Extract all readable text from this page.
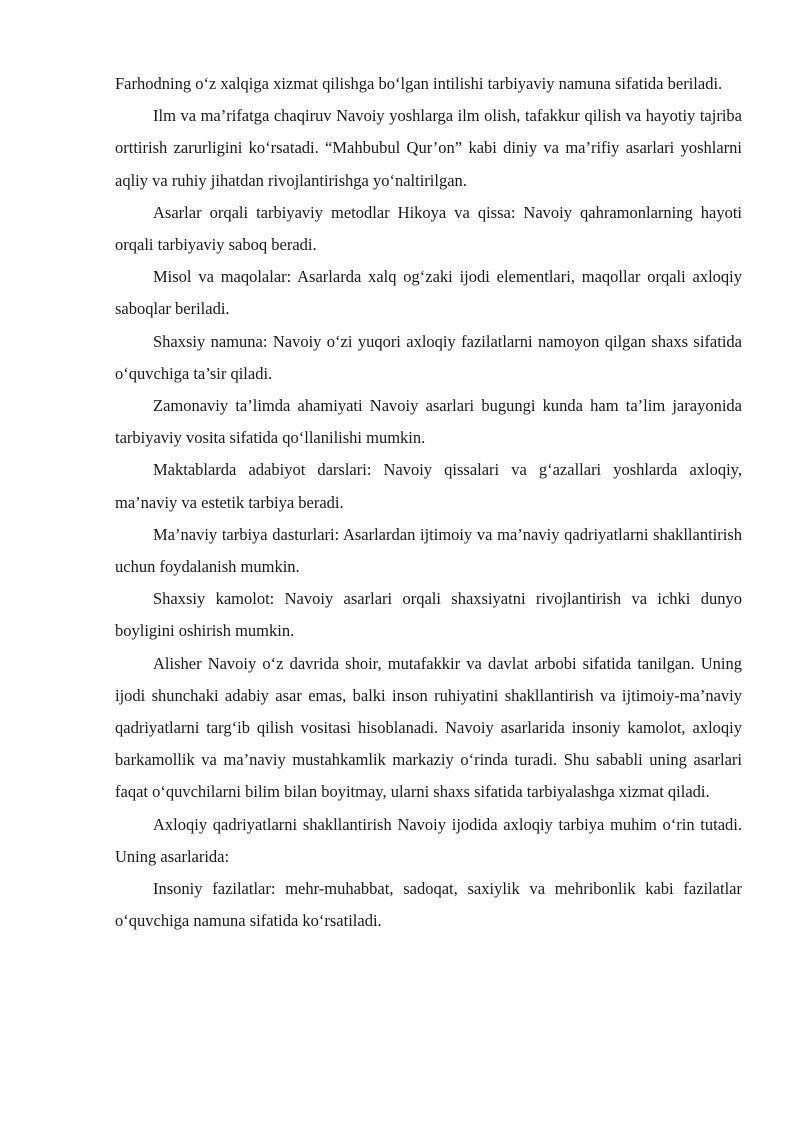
Farhodning o‘z xalqiga xizmat qilishga bo‘lgan intilishi tarbiyaviy namuna sifatida beriladi.

Ilm va ma’rifatga chaqiruv Navoiy yoshlarga ilm olish, tafakkur qilish va hayotiy tajriba orttirish zarurligini ko‘rsatadi. “Mahbubul Qur’on” kabi diniy va ma’rifiy asarlari yoshlarni aqliy va ruhiy jihatdan rivojlantirishga yo‘naltirilgan.

Asarlar orqali tarbiyaviy metodlar Hikoya va qissa: Navoiy qahramonlarning hayoti orqali tarbiyaviy saboq beradi.

Misol va maqolalar: Asarlarda xalq og‘zaki ijodi elementlari, maqollar orqali axloqiy saboqlar beriladi.

Shaxsiy namuna: Navoiy o‘zi yuqori axloqiy fazilatlarni namoyon qilgan shaxs sifatida o‘quvchiga ta’sir qiladi.

Zamonaviy ta’limda ahamiyati Navoiy asarlari bugungi kunda ham ta’lim jarayonida tarbiyaviy vosita sifatida qo‘llanilishi mumkin.

Maktablarda adabiyot darslari: Navoiy qissalari va g‘azallari yoshlarda axloqiy, ma’naviy va estetik tarbiya beradi.

Ma’naviy tarbiya dasturlari: Asarlardan ijtimoiy va ma’naviy qadriyatlarni shakllantirish uchun foydalanish mumkin.

Shaxsiy kamolot: Navoiy asarlari orqali shaxsiyatni rivojlantirish va ichki dunyo boyligini oshirish mumkin.

Alisher Navoiy o‘z davrida shoir, mutafakkir va davlat arbobi sifatida tanilgan. Uning ijodi shunchaki adabiy asar emas, balki inson ruhiyatini shakllantirish va ijtimoiy-ma’naviy qadriyatlarni targ‘ib qilish vositasi hisoblanadi. Navoiy asarlarida insoniy kamolot, axloqiy barkamollik va ma’naviy mustahkamlik markaziy o‘rinda turadi. Shu sababli uning asarlari faqat o‘quvchilarni bilim bilan boyitmay, ularni shaxs sifatida tarbiyalashga xizmat qiladi.

Axloqiy qadriyatlarni shakllantirish Navoiy ijodida axloqiy tarbiya muhim o‘rin tutadi. Uning asarlarida:

Insoniy fazilatlar: mehr-muhabbat, sadoqat, saxiylik va mehribonlik kabi fazilatlar o‘quvchiga namuna sifatida ko‘rsatiladi.
